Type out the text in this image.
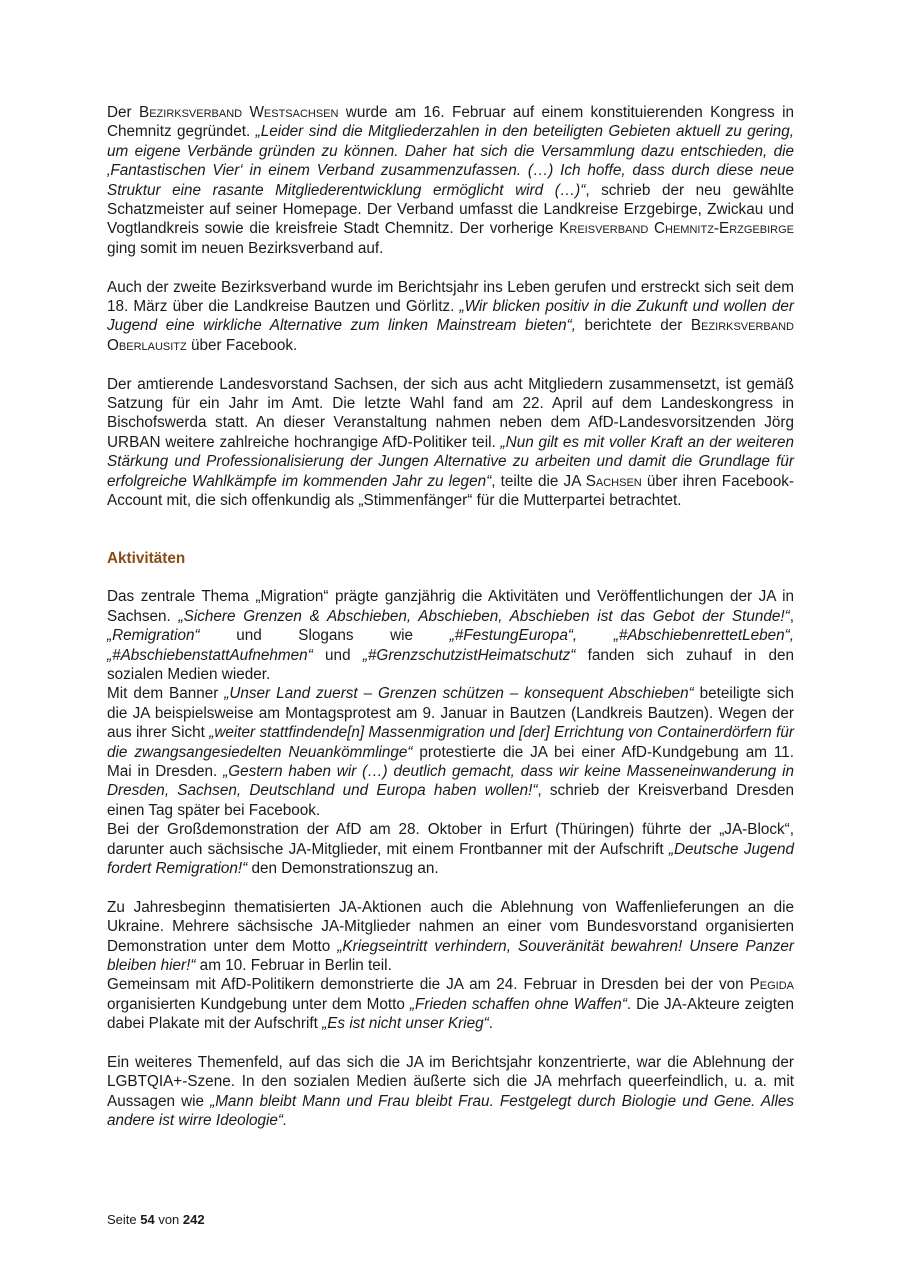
Der Bezirksverband Westsachsen wurde am 16. Februar auf einem konstituierenden Kongress in Chemnitz gegründet. „Leider sind die Mitgliederzahlen in den beteiligten Gebieten aktuell zu gering, um eigene Verbände gründen zu können. Daher hat sich die Versammlung dazu entschieden, die ‚Fantastischen Vier‘ in einem Verband zusammenzufassen. (…) Ich hoffe, dass durch diese neue Struktur eine rasante Mitgliederentwicklung ermöglicht wird (…)“, schrieb der neu gewählte Schatzmeister auf seiner Homepage. Der Verband umfasst die Landkreise Erzgebirge, Zwickau und Vogtlandkreis sowie die kreisfreie Stadt Chemnitz. Der vorherige Kreisverband Chemnitz-Erzgebirge ging somit im neuen Bezirksverband auf.

Auch der zweite Bezirksverband wurde im Berichtsjahr ins Leben gerufen und erstreckt sich seit dem 18. März über die Landkreise Bautzen und Görlitz. „Wir blicken positiv in die Zukunft und wollen der Jugend eine wirkliche Alternative zum linken Mainstream bieten“, berichtete der Bezirksverband Oberlausitz über Facebook.

Der amtierende Landesvorstand Sachsen, der sich aus acht Mitgliedern zusammensetzt, ist gemäß Satzung für ein Jahr im Amt. Die letzte Wahl fand am 22. April auf dem Landeskongress in Bischofswerda statt. An dieser Veranstaltung nahmen neben dem AfD-Landesvorsitzenden Jörg URBAN weitere zahlreiche hochrangige AfD-Politiker teil. „Nun gilt es mit voller Kraft an der weiteren Stärkung und Professionalisierung der Jungen Alternative zu arbeiten und damit die Grundlage für erfolgreiche Wahlkämpfe im kommenden Jahr zu legen“, teilte die JA Sachsen über ihren Facebook-Account mit, die sich offenkundig als „Stimmenfänger“ für die Mutterpartei betrachtet.

Aktivitäten

Das zentrale Thema „Migration“ prägte ganzjährig die Aktivitäten und Veröffentlichungen der JA in Sachsen. „Sichere Grenzen & Abschieben, Abschieben, Abschieben ist das Gebot der Stunde!“, „Remigration“ und Slogans wie „#FestungEuropa“, „#AbschiebenrettetLeben“, „#AbschiebenstattAufnehmen“ und „#GrenzschutzistHeimatschutz“ fanden sich zuhauf in den sozialen Medien wieder.

Mit dem Banner „Unser Land zuerst – Grenzen schützen – konsequent Abschieben“ beteiligte sich die JA beispielsweise am Montagsprotest am 9. Januar in Bautzen (Landkreis Bautzen). Wegen der aus ihrer Sicht „weiter stattfindende[n] Massenmigration und [der] Errichtung von Containerdörfern für die zwangsangesiedelten Neuankömmlinge“ protestierte die JA bei einer AfD-Kundgebung am 11. Mai in Dresden. „Gestern haben wir (…) deutlich gemacht, dass wir keine Masseneinwanderung in Dresden, Sachsen, Deutschland und Europa haben wollen!“, schrieb der Kreisverband Dresden einen Tag später bei Facebook.

Bei der Großdemonstration der AfD am 28. Oktober in Erfurt (Thüringen) führte der „JA-Block“, darunter auch sächsische JA-Mitglieder, mit einem Frontbanner mit der Aufschrift „Deutsche Jugend fordert Remigration!“ den Demonstrationszug an.

Zu Jahresbeginn thematisierten JA-Aktionen auch die Ablehnung von Waffenlieferungen an die Ukraine. Mehrere sächsische JA-Mitglieder nahmen an einer vom Bundesvorstand organisierten Demonstration unter dem Motto „Kriegseintritt verhindern, Souveränität bewahren! Unsere Panzer bleiben hier!“ am 10. Februar in Berlin teil.

Gemeinsam mit AfD-Politikern demonstrierte die JA am 24. Februar in Dresden bei der von Pegida organisierten Kundgebung unter dem Motto „Frieden schaffen ohne Waffen“. Die JA-Akteure zeigten dabei Plakate mit der Aufschrift „Es ist nicht unser Krieg“.

Ein weiteres Themenfeld, auf das sich die JA im Berichtsjahr konzentrierte, war die Ablehnung der LGBTQIA+-Szene. In den sozialen Medien äußerte sich die JA mehrfach queerfeindlich, u. a. mit Aussagen wie „Mann bleibt Mann und Frau bleibt Frau. Festgelegt durch Biologie und Gene. Alles andere ist wirre Ideologie“.

Seite 54 von 242
